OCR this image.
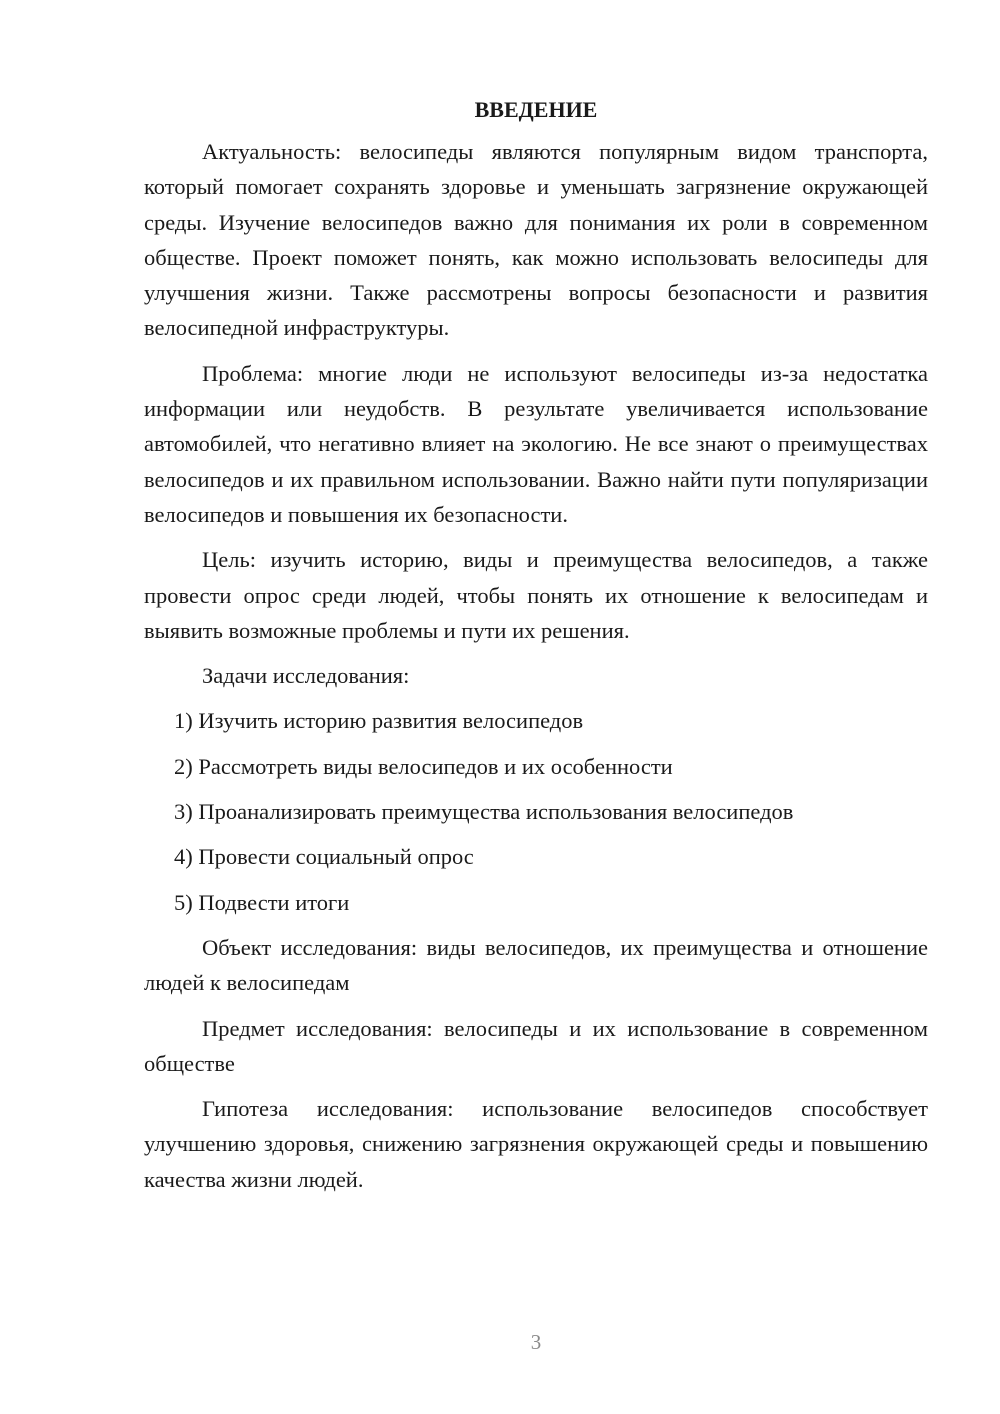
ВВЕДЕНИЕ

Актуальность: велосипеды являются популярным видом транспорта, который помогает сохранять здоровье и уменьшать загрязнение окружающей среды. Изучение велосипедов важно для понимания их роли в современном обществе. Проект поможет понять, как можно использовать велосипеды для улучшения жизни. Также рассмотрены вопросы безопасности и развития велосипедной инфраструктуры.

Проблема: многие люди не используют велосипеды из-за недостатка информации или неудобств. В результате увеличивается использование автомобилей, что негативно влияет на экологию. Не все знают о преимуществах велосипедов и их правильном использовании. Важно найти пути популяризации велосипедов и повышения их безопасности.

Цель: изучить историю, виды и преимущества велосипедов, а также провести опрос среди людей, чтобы понять их отношение к велосипедам и выявить возможные проблемы и пути их решения.

Задачи исследования:

1) Изучить историю развития велосипедов
2) Рассмотреть виды велосипедов и их особенности
3) Проанализировать преимущества использования велосипедов
4) Провести социальный опрос
5) Подвести итоги

Объект исследования: виды велосипедов, их преимущества и отношение людей к велосипедам

Предмет исследования: велосипеды и их использование в современном обществе

Гипотеза исследования: использование велосипедов способствует улучшению здоровья, снижению загрязнения окружающей среды и повышению качества жизни людей.

3
